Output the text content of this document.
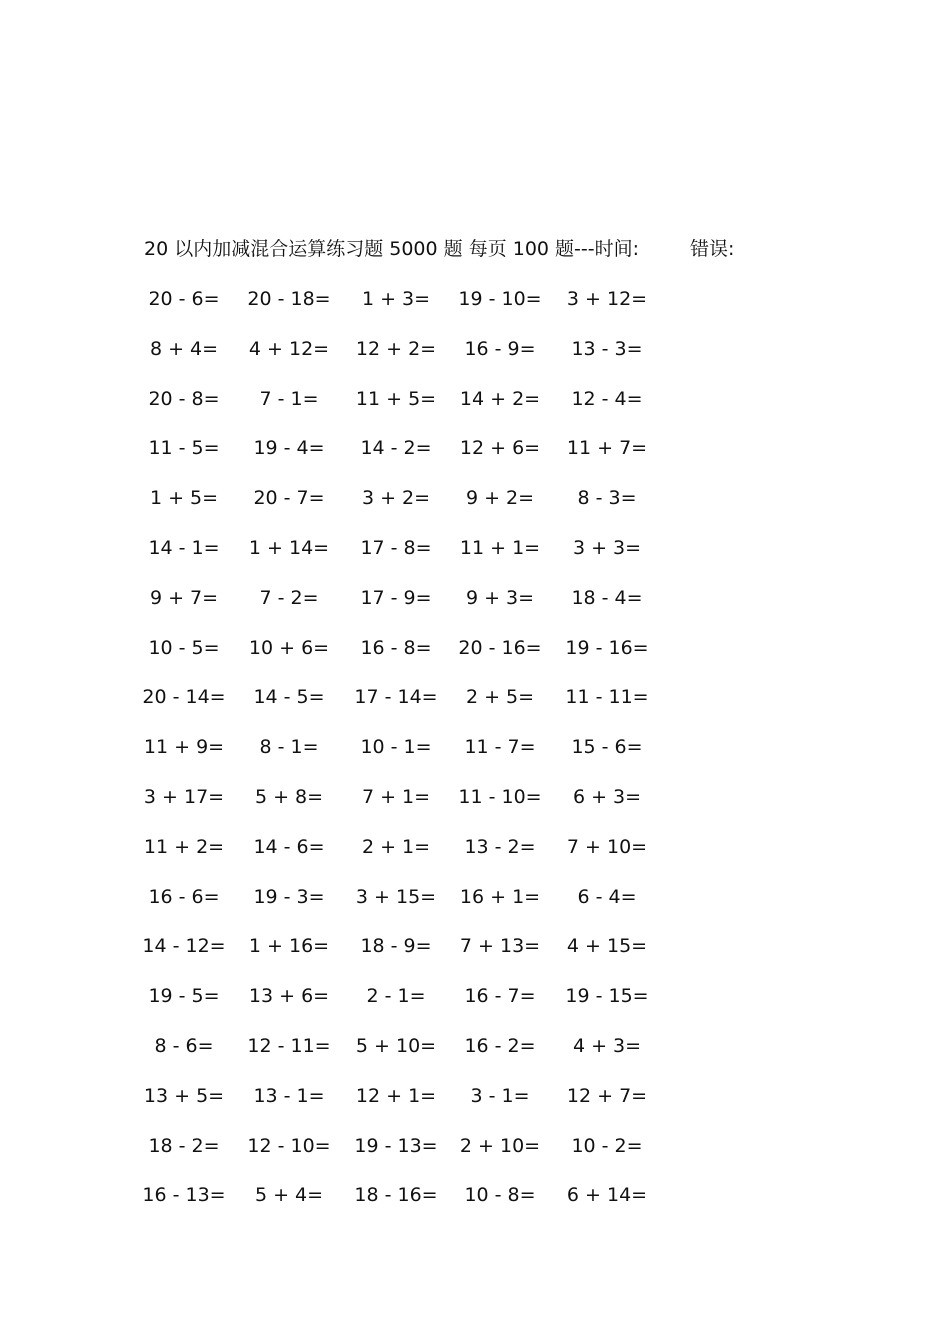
20 以内加减混合运算练习题 5000 题 每页 100 题---时间:	错误:
20 - 6= 20 - 18= 1 + 3= 19 - 10= 3 + 12=
8 + 4= 4 + 12= 12 + 2= 16 - 9= 13 - 3=
20 - 8= 7 - 1= 11 + 5= 14 + 2= 12 - 4=
11 - 5= 19 - 4= 14 - 2= 12 + 6= 11 + 7=
1 + 5= 20 - 7= 3 + 2= 9 + 2= 8 - 3=
14 - 1= 1 + 14= 17 - 8= 11 + 1= 3 + 3=
9 + 7= 7 - 2= 17 - 9= 9 + 3= 18 - 4=
10 - 5= 10 + 6= 16 - 8= 20 - 16= 19 - 16=
20 - 14= 14 - 5= 17 - 14= 2 + 5= 11 - 11=
11 + 9= 8 - 1= 10 - 1= 11 - 7= 15 - 6=
3 + 17= 5 + 8= 7 + 1= 11 - 10= 6 + 3=
11 + 2= 14 - 6= 2 + 1= 13 - 2= 7 + 10=
16 - 6= 19 - 3= 3 + 15= 16 + 1= 6 - 4=
14 - 12= 1 + 16= 18 - 9= 7 + 13= 4 + 15=
19 - 5= 13 + 6= 2 - 1= 16 - 7= 19 - 15=
8 - 6= 12 - 11= 5 + 10= 16 - 2= 4 + 3=
13 + 5= 13 - 1= 12 + 1= 3 - 1= 12 + 7=
18 - 2= 12 - 10= 19 - 13= 2 + 10= 10 - 2=
16 - 13= 5 + 4= 18 - 16= 10 - 8= 6 + 14=
